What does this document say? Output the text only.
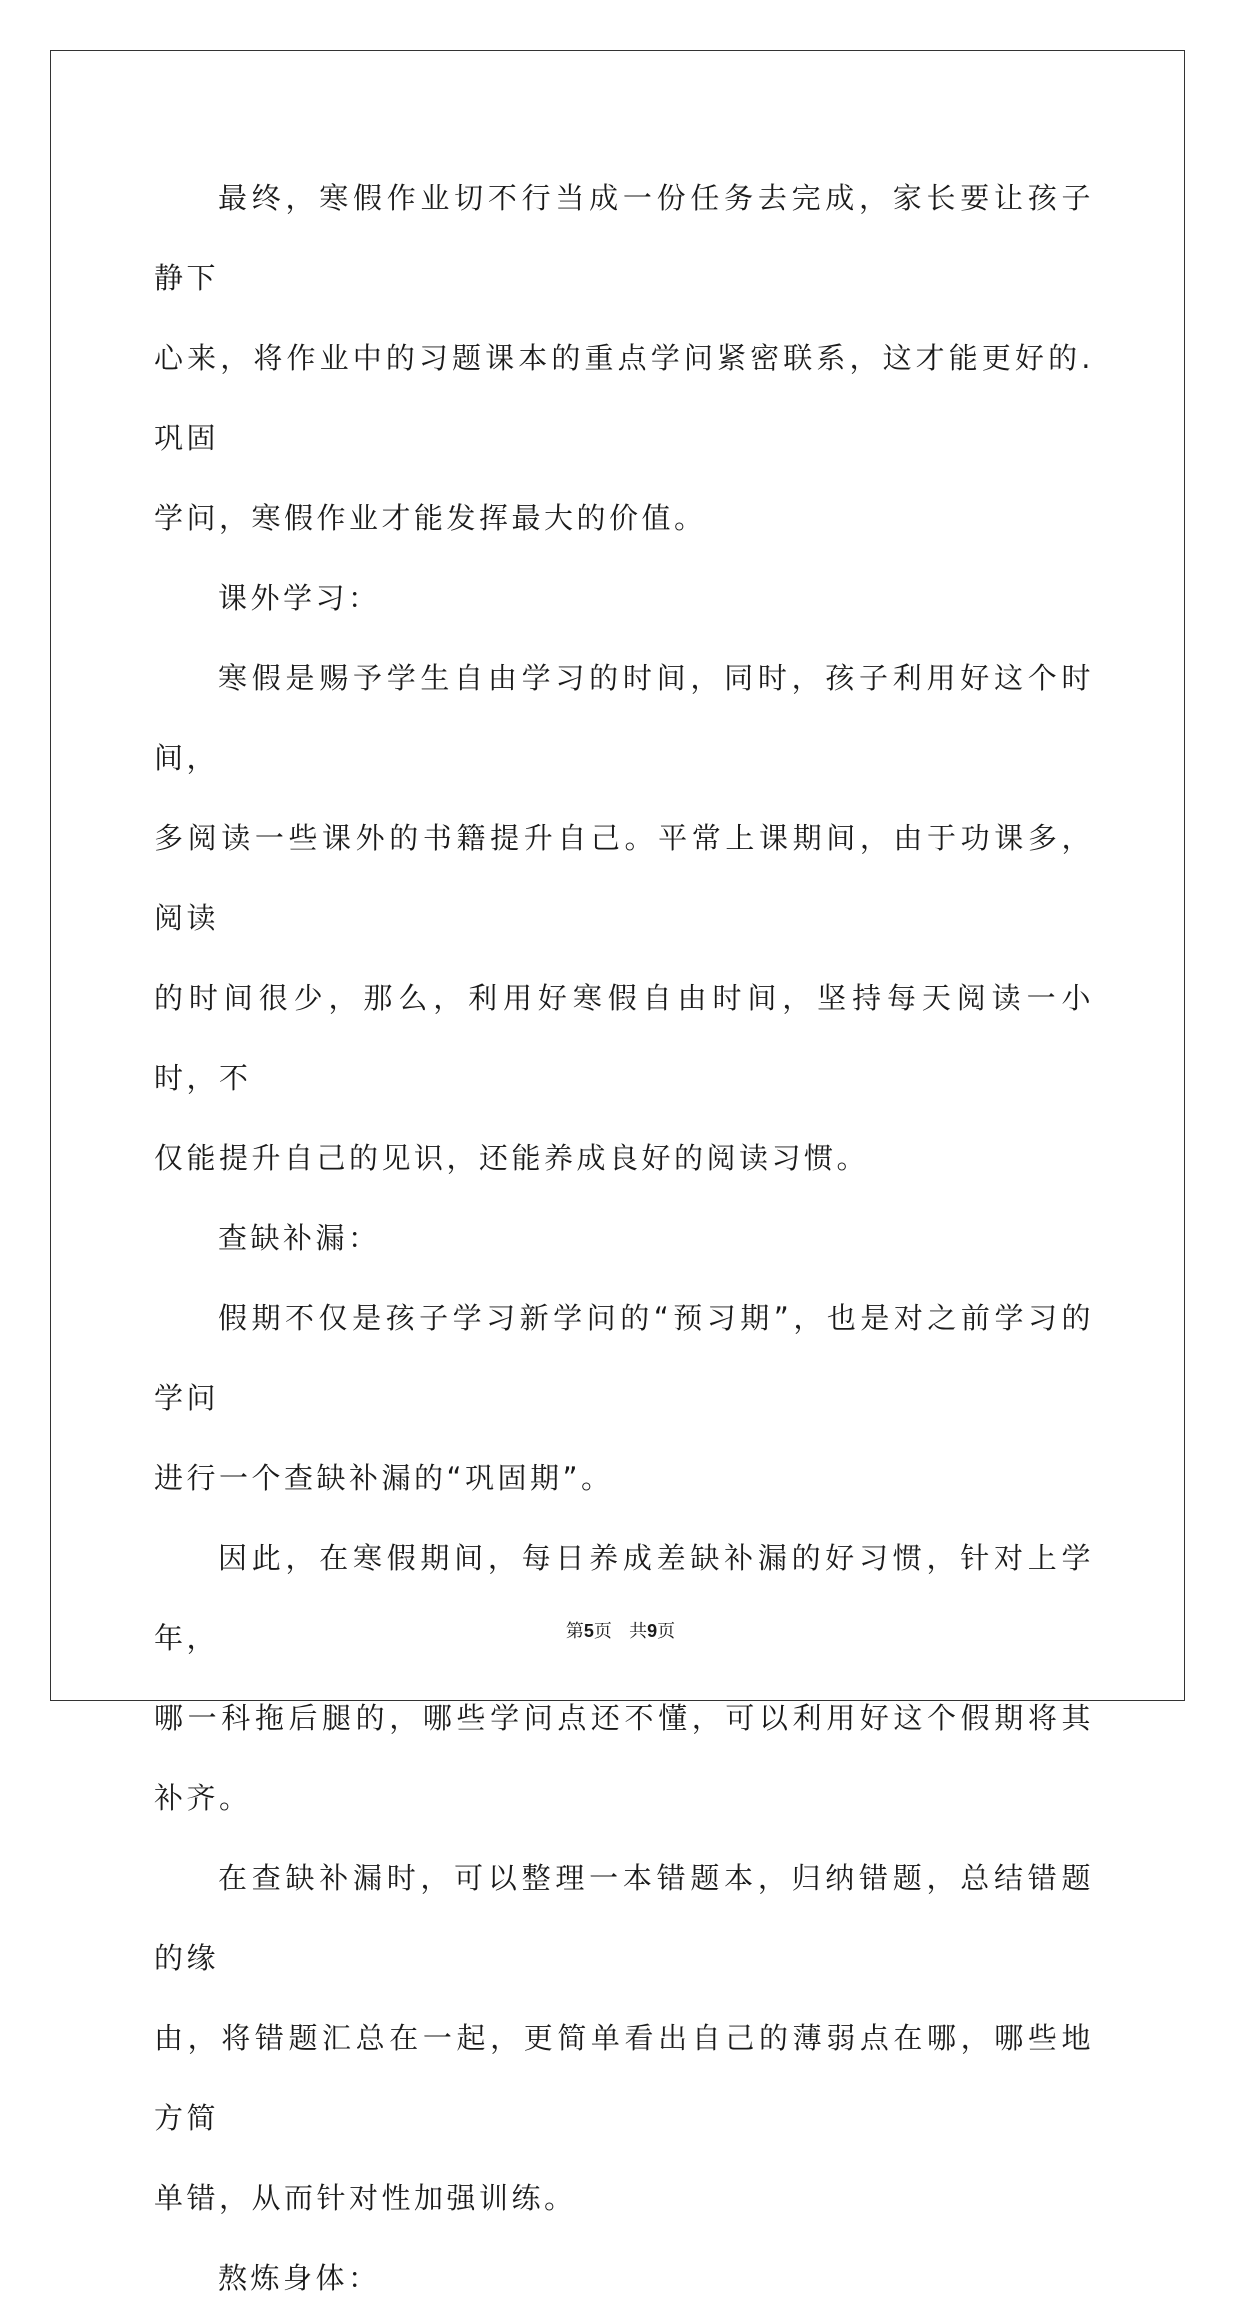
最终，寒假作业切不行当成一份任务去完成，家长要让孩子静下
心来，将作业中的习题课本的重点学问紧密联系，这才能更好的.巩固
学问，寒假作业才能发挥最大的价值。

课外学习：

寒假是赐予学生自由学习的时间，同时，孩子利用好这个时间，
多阅读一些课外的书籍提升自己。平常上课期间，由于功课多，阅读
的时间很少，那么，利用好寒假自由时间，坚持每天阅读一小时，不
仅能提升自己的见识，还能养成良好的阅读习惯。

查缺补漏：

假期不仅是孩子学习新学问的“预习期”，也是对之前学习的学问
进行一个查缺补漏的“巩固期”。

因此，在寒假期间，每日养成差缺补漏的好习惯，针对上学年，
哪一科拖后腿的，哪些学问点还不懂，可以利用好这个假期将其补齐。

在查缺补漏时，可以整理一本错题本，归纳错题，总结错题的缘
由，将错题汇总在一起，更简单看出自己的薄弱点在哪，哪些地方简
单错，从而针对性加强训练。

熬炼身体：

第5页 共9页
